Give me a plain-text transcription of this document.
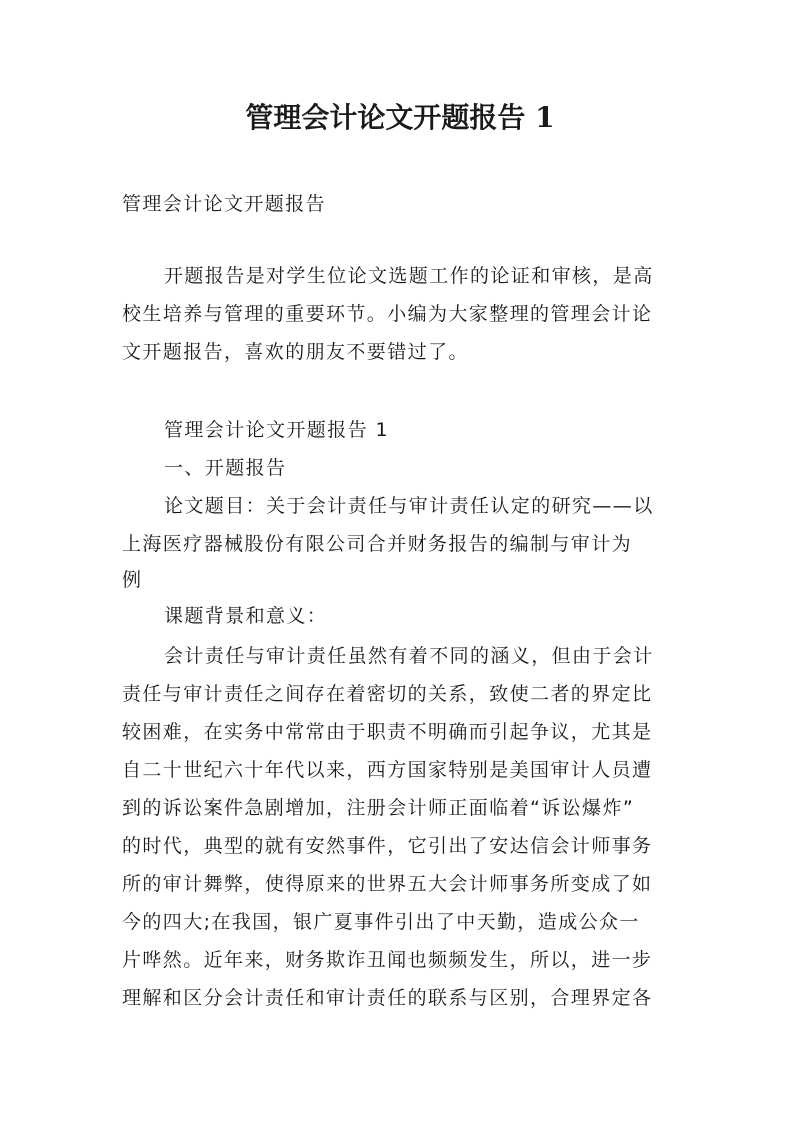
管理会计论文开题报告 1

管理会计论文开题报告

开题报告是对学生位论文选题工作的论证和审核，是高

校生培养与管理的重要环节。小编为大家整理的管理会计论

文开题报告，喜欢的朋友不要错过了。

管理会计论文开题报告 1

一、开题报告

论文题目：关于会计责任与审计责任认定的研究——以

上海医疗器械股份有限公司合并财务报告的编制与审计为

例

课题背景和意义：

会计责任与审计责任虽然有着不同的涵义，但由于会计

责任与审计责任之间存在着密切的关系，致使二者的界定比

较困难，在实务中常常由于职责不明确而引起争议，尤其是

自二十世纪六十年代以来，西方国家特别是美国审计人员遭

到的诉讼案件急剧增加，注册会计师正面临着“诉讼爆炸”

的时代，典型的就有安然事件，它引出了安达信会计师事务

所的审计舞弊，使得原来的世界五大会计师事务所变成了如

今的四大;在我国，银广夏事件引出了中天勤，造成公众一

片哗然。近年来，财务欺诈丑闻也频频发生，所以，进一步

理解和区分会计责任和审计责任的联系与区别，合理界定各
